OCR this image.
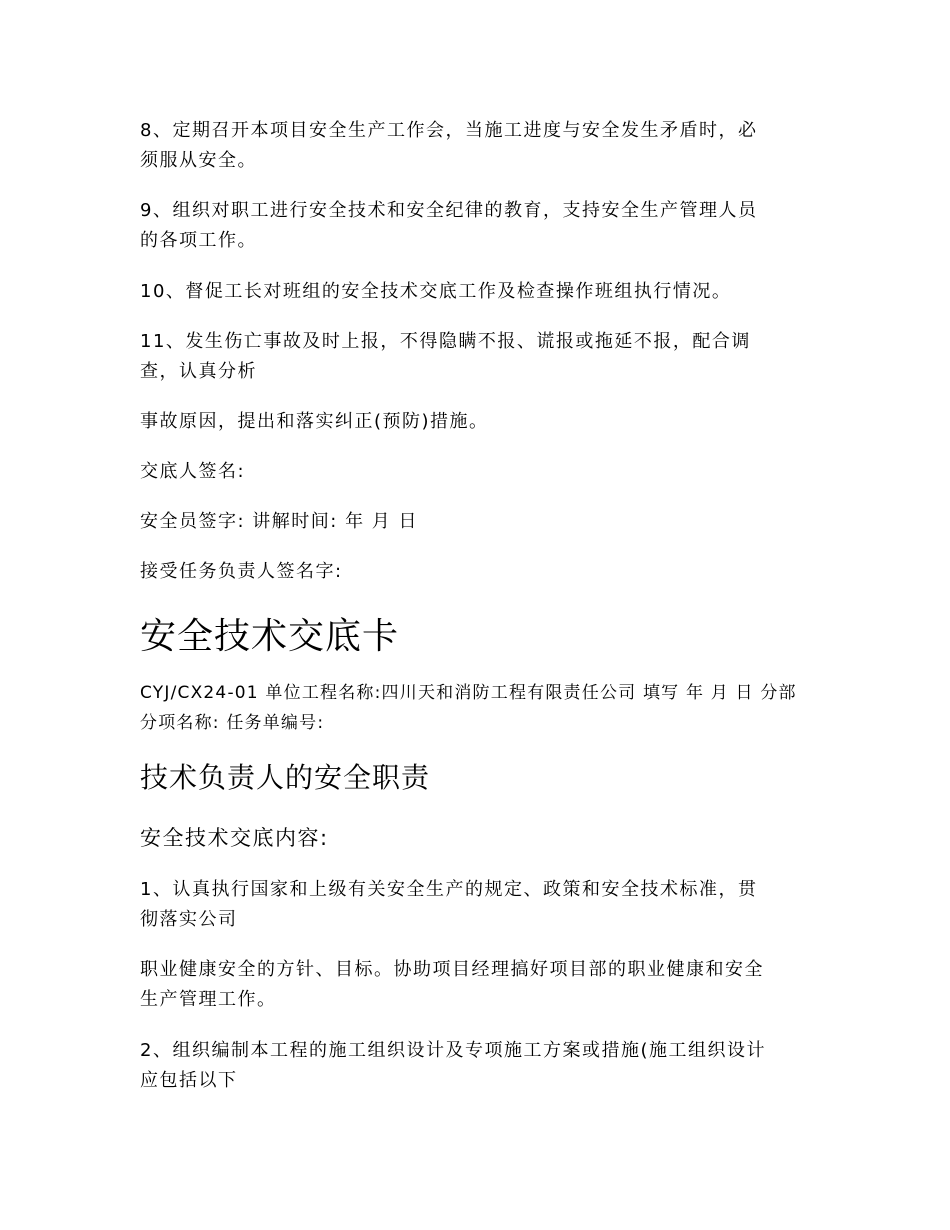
8、定期召开本项目安全生产工作会，当施工进度与安全发生矛盾时，必
须服从安全。
9、组织对职工进行安全技术和安全纪律的教育，支持安全生产管理人员
的各项工作。
10、督促工长对班组的安全技术交底工作及检查操作班组执行情况。
11、发生伤亡事故及时上报，不得隐瞒不报、谎报或拖延不报，配合调
查，认真分析
事故原因，提出和落实纠正(预防)措施。
交底人签名:
安全员签字: 讲解时间: 年 月 日
接受任务负责人签名字:
安全技术交底卡
CYJ/CX24-01 单位工程名称:四川天和消防工程有限责任公司 填写 年 月 日 分部
分项名称: 任务单编号:
技术负责人的安全职责
安全技术交底内容:
1、认真执行国家和上级有关安全生产的规定、政策和安全技术标准，贯
彻落实公司
职业健康安全的方针、目标。协助项目经理搞好项目部的职业健康和安全
生产管理工作。
2、组织编制本工程的施工组织设计及专项施工方案或措施(施工组织设计
应包括以下
